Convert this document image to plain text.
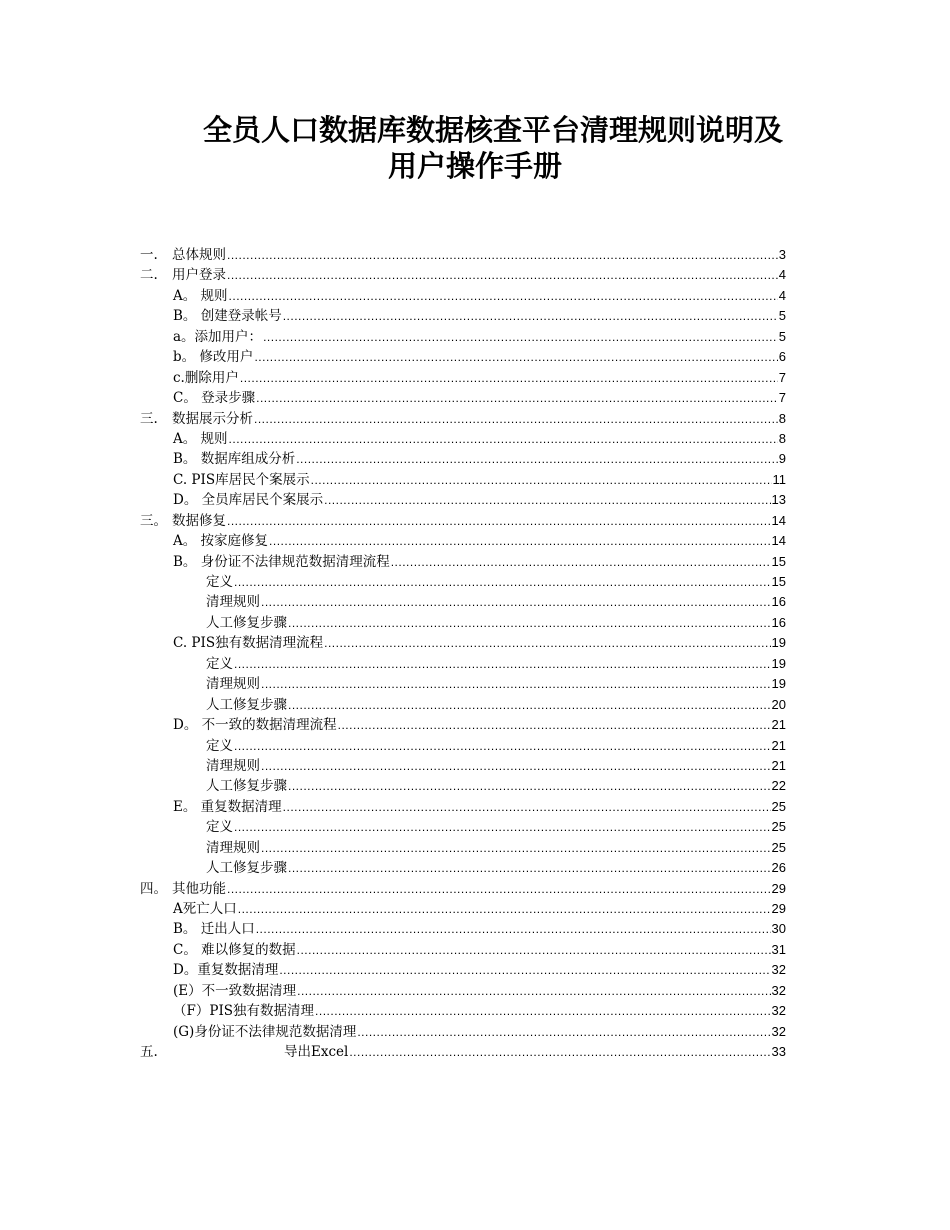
全员人口数据库数据核查平台清理规则说明及
用户操作手册
一.	总体规则 .....	3
二.	用户登录 .....	4
A。 规则 .....	4
B。 创建登录帐号 .....	5
a。添加用户： .....	5
b。 修改用户 .....	6
c.删除用户 .....	7
C。 登录步骤 .....	7
三.	数据展示分析 .....	8
A。 规则 .....	8
B。 数据库组成分析 .....	9
C. PIS库居民个案展示 .....	11
D。 全员库居民个案展示 .....	13
三。 数据修复 .....	14
A。 按家庭修复 .....	14
B。 身份证不法律规范数据清理流程 .....	15
定义 .....	15
清理规则 .....	16
人工修复步骤 .....	16
C. PIS独有数据清理流程 .....	19
定义 .....	19
清理规则 .....	19
人工修复步骤 .....	20
D。 不一致的数据清理流程 .....	21
定义 .....	21
清理规则 .....	21
人工修复步骤 .....	22
E。 重复数据清理 .....	25
定义 .....	25
清理规则 .....	25
人工修复步骤 .....	26
四。 其他功能 .....	29
A死亡人口 .....	29
B。 迁出人口 .....	30
C。 难以修复的数据 .....	31
D。重复数据清理 .....	32
(E）不一致数据清理 .....	32
（F）PIS独有数据清理 .....	32
(G)身份证不法律规范数据清理 .....	32
五.	导出Excel .....	33
